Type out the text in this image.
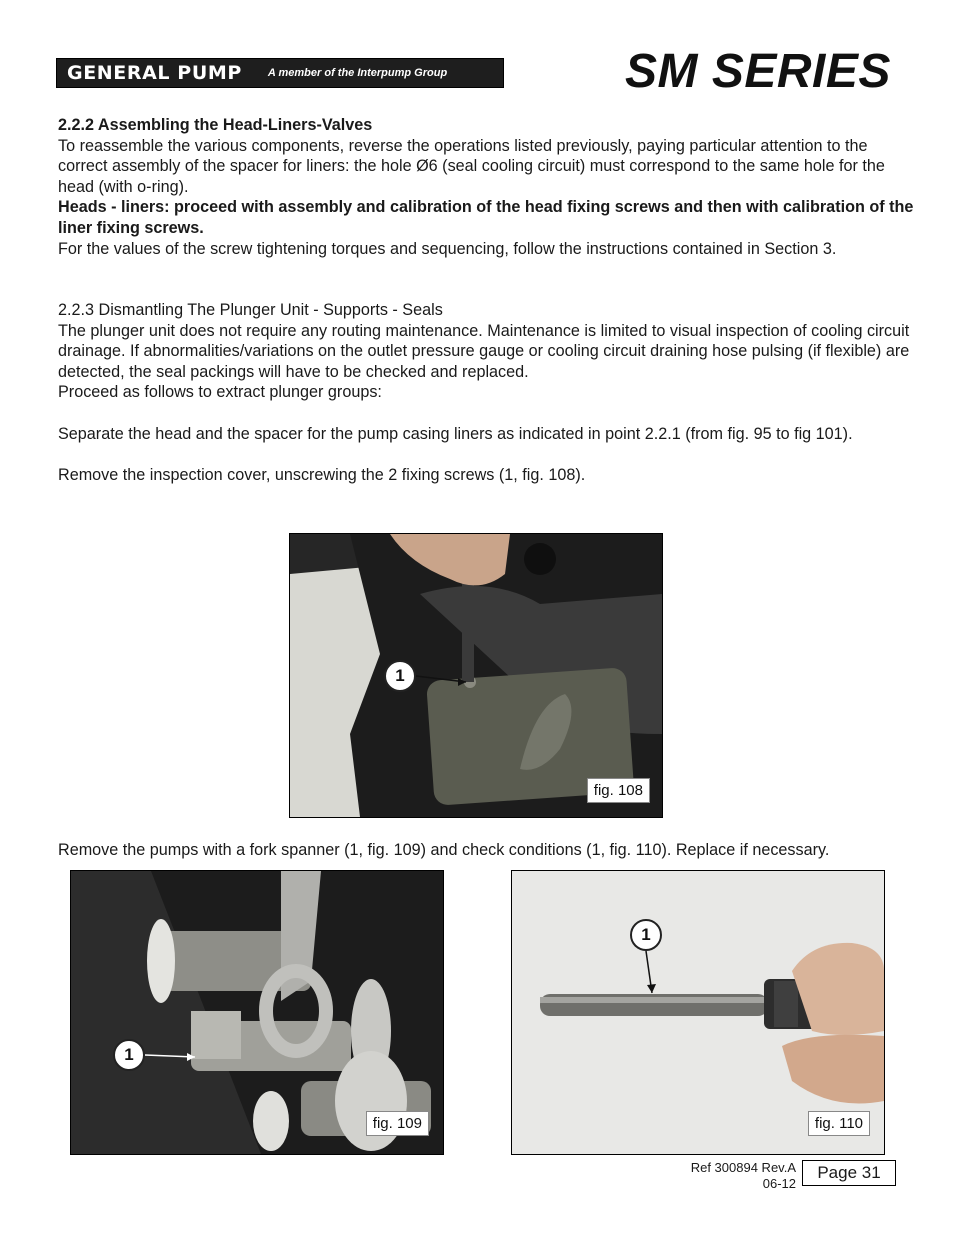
GENERAL PUMP A member of the Interpump Group	SM SERIES

2.2.2 Assembling the Head-Liners-Valves

To reassemble the various components, reverse the operations listed previously, paying particular attention to the correct assembly of the spacer for liners: the hole Ø6 (seal cooling circuit) must correspond to the same hole for the head (with o-ring).

Heads - liners: proceed with assembly and calibration of the head fixing screws and then with calibration of the liner fixing screws.

For the values of the screw tightening torques and sequencing, follow the instructions contained in Section 3.

2.2.3 Dismantling The Plunger Unit - Supports - Seals

The plunger unit does not require any routing maintenance. Maintenance is limited to visual inspection of cooling circuit drainage. If abnormalities/variations on the outlet pressure gauge or cooling circuit draining hose pulsing (if flexible) are detected, the seal packings will have to be checked and replaced.

Proceed as follows to extract plunger groups:

Separate the head and the spacer for the pump casing liners as indicated in point 2.2.1 (from fig. 95 to fig 101).

Remove the inspection cover, unscrewing the 2 fixing screws (1, fig. 108).

1
fig. 108

Remove the pumps with a fork spanner (1, fig. 109) and check conditions (1, fig. 110). Replace if necessary.

1
fig. 109
1
fig. 110
Ref 300894 Rev.A
06-12
Page 31
